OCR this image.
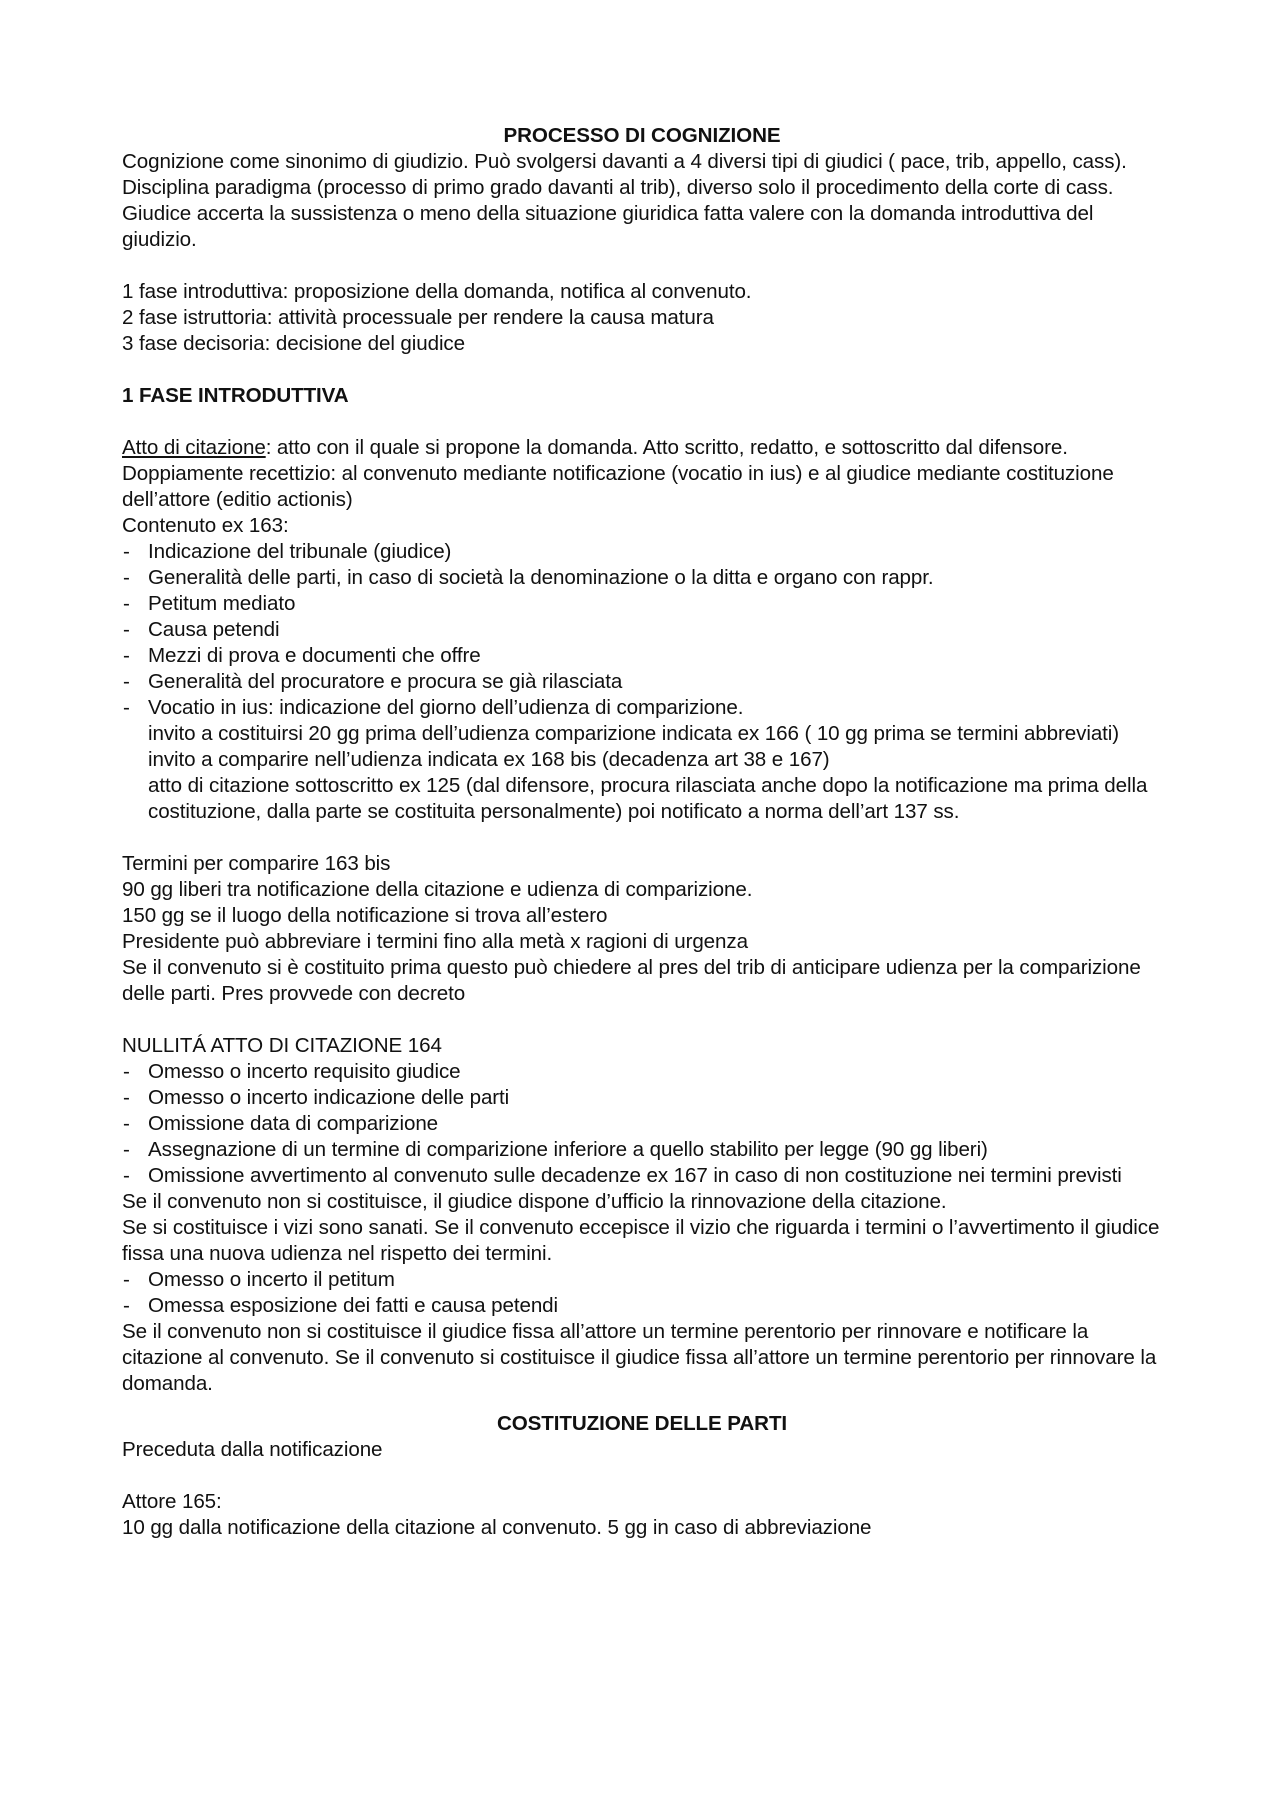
PROCESSO DI COGNIZIONE

Cognizione come sinonimo di giudizio. Può svolgersi davanti a 4 diversi tipi di giudici ( pace, trib, appello, cass). Disciplina paradigma (processo di primo grado davanti al trib), diverso solo il procedimento della corte di cass.

Giudice accerta la sussistenza o meno della situazione giuridica fatta valere con la domanda introduttiva del giudizio.

1 fase introduttiva: proposizione della domanda, notifica al convenuto.

2 fase istruttoria: attività processuale per rendere la causa matura

3 fase decisoria: decisione del giudice

1 FASE INTRODUTTIVA

Atto di citazione: atto con il quale si propone la domanda. Atto scritto, redatto, e sottoscritto dal difensore.

Doppiamente recettizio: al convenuto mediante notificazione (vocatio in ius) e al giudice mediante costituzione dell’attore (editio actionis)

Contenuto ex 163:

- Indicazione del tribunale (giudice)
- Generalità delle parti, in caso di società la denominazione o la ditta e organo con rappr.
- Petitum mediato
- Causa petendi
- Mezzi di prova e documenti che offre
- Generalità del procuratore e procura se già rilasciata
- Vocatio in ius: indicazione del giorno dell’udienza di comparizione.

invito a costituirsi 20 gg prima dell’udienza comparizione indicata ex 166 ( 10 gg prima se termini abbreviati)

invito a comparire nell’udienza indicata ex 168 bis (decadenza art 38 e 167)

atto di citazione sottoscritto ex 125 (dal difensore, procura rilasciata anche dopo la notificazione ma prima della costituzione, dalla parte se costituita personalmente) poi notificato a norma dell’art 137 ss.

Termini per comparire 163 bis

90 gg liberi tra notificazione della citazione e udienza di comparizione.

150 gg se il luogo della notificazione si trova all’estero

Presidente può abbreviare i termini fino alla metà x ragioni di urgenza

Se il convenuto si è costituito prima questo può chiedere al pres del trib di anticipare udienza per la comparizione delle parti. Pres provvede con decreto

NULLITÁ ATTO DI CITAZIONE 164

- Omesso o incerto requisito giudice
- Omesso o incerto indicazione delle parti
- Omissione data di comparizione
- Assegnazione di un termine di comparizione inferiore a quello stabilito per legge (90 gg liberi)
- Omissione avvertimento al convenuto sulle decadenze ex 167 in caso di non costituzione nei termini previsti

Se il convenuto non si costituisce, il giudice dispone d’ufficio la rinnovazione della citazione.

Se si costituisce i vizi sono sanati. Se il convenuto eccepisce il vizio che riguarda i termini o l’avvertimento il giudice fissa una nuova udienza nel rispetto dei termini.

- Omesso o incerto il petitum
- Omessa esposizione dei fatti e causa petendi

Se il convenuto non si costituisce il giudice fissa all’attore un termine perentorio per rinnovare e notificare la citazione al convenuto. Se il convenuto si costituisce il giudice fissa all’attore un termine perentorio per rinnovare la domanda.

COSTITUZIONE DELLE PARTI

Preceduta dalla notificazione

Attore 165:

10 gg dalla notificazione della citazione al convenuto. 5 gg in caso di abbreviazione
